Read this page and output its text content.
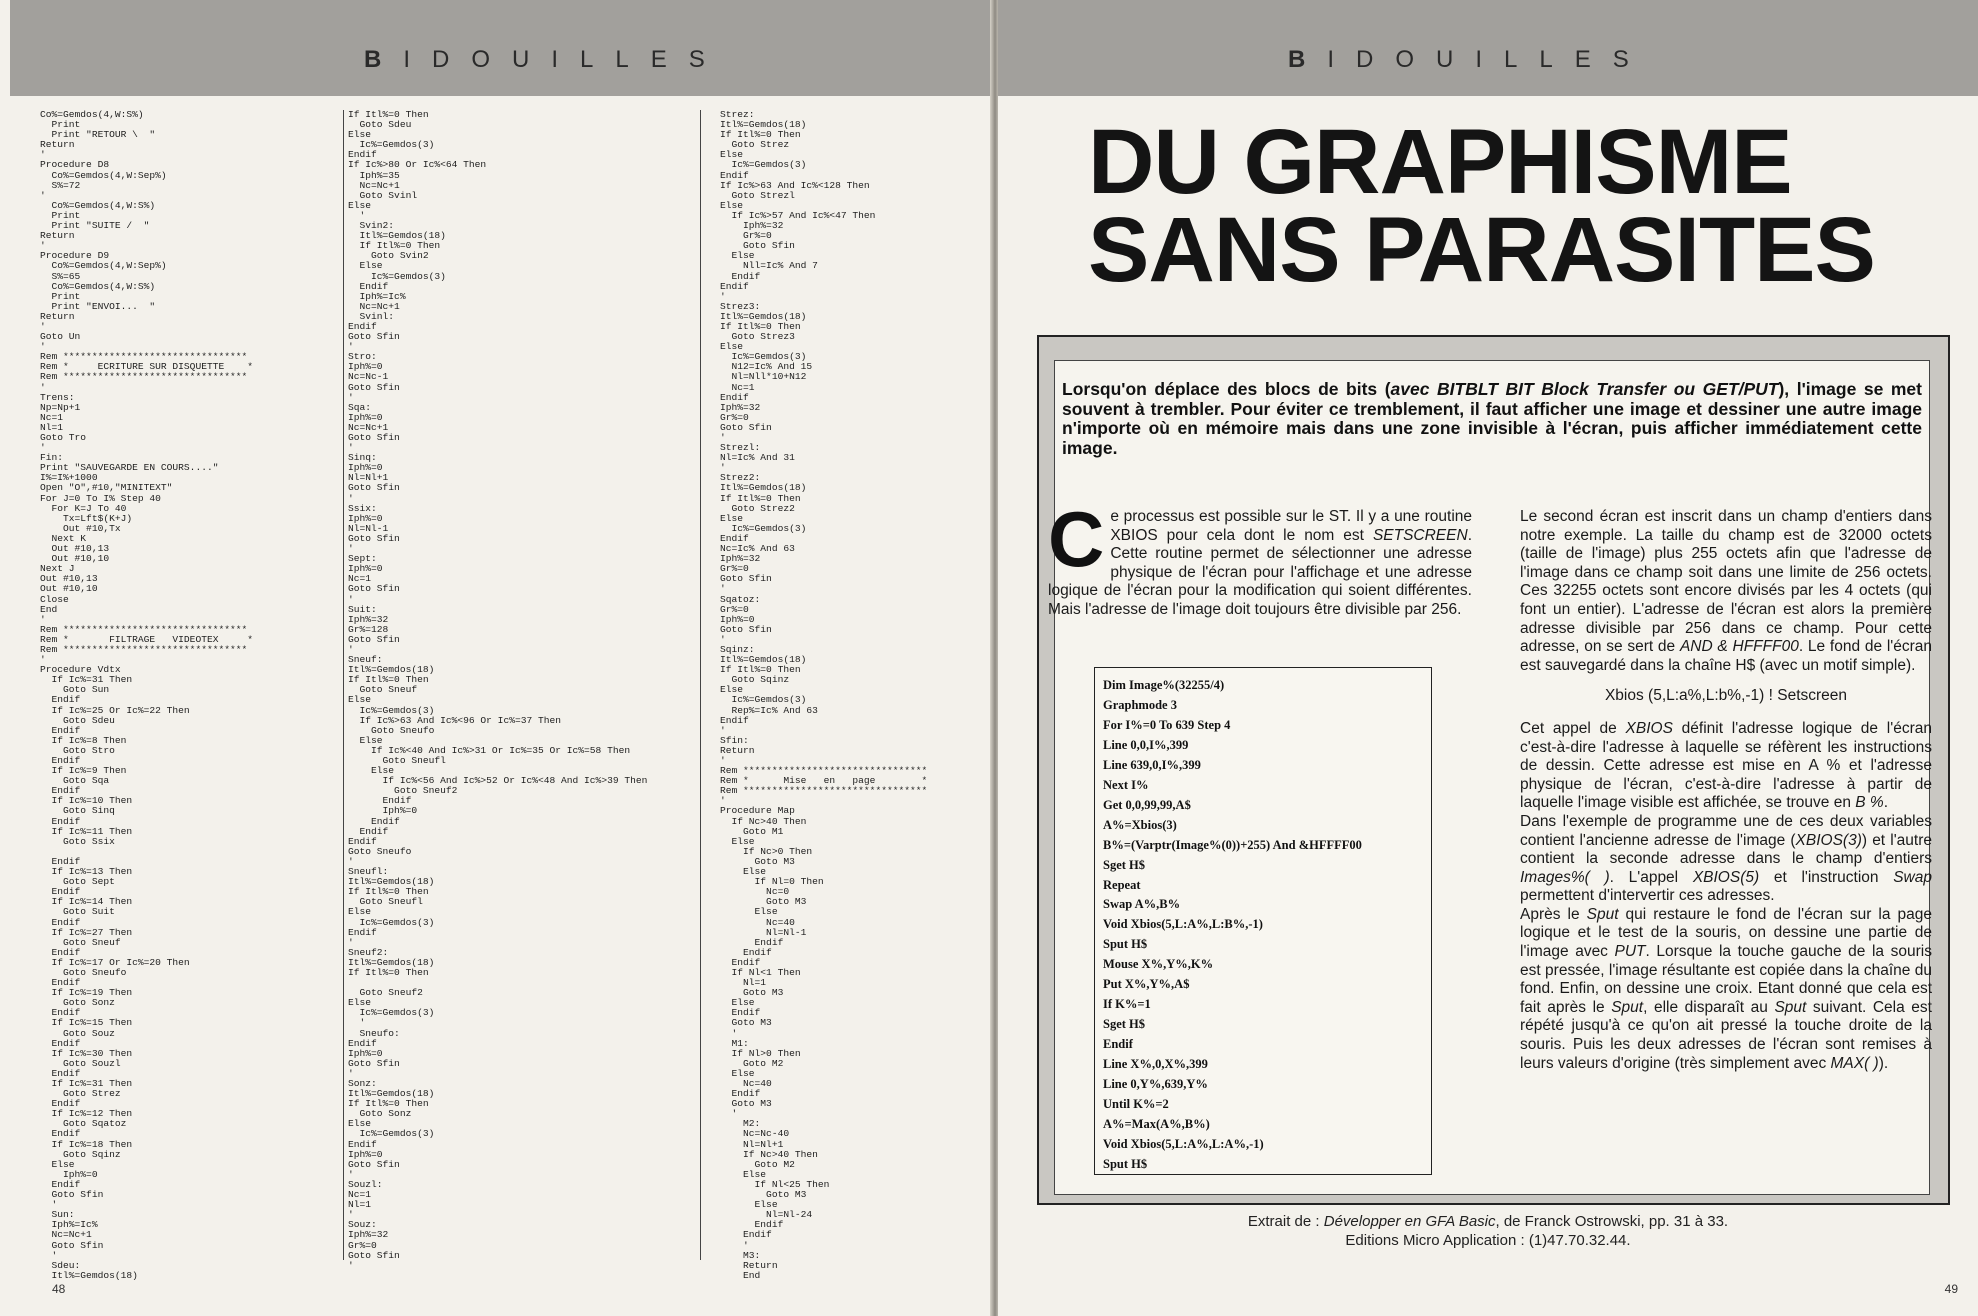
BIDOUILLES
Co%=Gemdos(4,W:S%)
Print
Print "RETOUR \  "
Return
'
Procedure D8
Co%=Gemdos(4,W:Sep%)
S%=72
'
Co%=Gemdos(4,W:S%)
Print
Print "SUITE /  "
Return
'
Procedure D9
Co%=Gemdos(4,W:Sep%)
S%=65
Co%=Gemdos(4,W:S%)
Print
Print "ENVOI...  "
Return
'
Goto Un
'
Rem ********************************
Rem *     ECRITURE SUR DISQUETTE    *
Rem ********************************
'
Trens:
Np=Np+1
Nc=1
Nl=1
Goto Tro
'
Fin:
Print "SAUVEGARDE EN COURS...."
I%=I%+1000
Open "O",#10,"MINITEXT"
For J=0 To I% Step 40
For K=J To 40
Tx=Lft$(K+J)
Out #10,Tx
Next K
Out #10,13
Out #10,10
Next J
Out #10,13
Out #10,10
Close
End
'
Rem ********************************
Rem *       FILTRAGE   VIDEOTEX     *
Rem ********************************
'
Procedure Vdtx
If Ic%=31 Then
Goto Sun
Endif
If Ic%=25 Or Ic%=22 Then
Goto Sdeu
Endif
If Ic%=8 Then
Goto Stro
Endif
If Ic%=9 Then
Goto Sqa
Endif
If Ic%=10 Then
Goto Sinq
Endif
If Ic%=11 Then
Goto Ssix

Endif
If Ic%=13 Then
Goto Sept
Endif
If Ic%=14 Then
Goto Suit
Endif
If Ic%=27 Then
Goto Sneuf
Endif
If Ic%=17 Or Ic%=20 Then
Goto Sneufo
Endif
If Ic%=19 Then
Goto Sonz
Endif
If Ic%=15 Then
Goto Souz
Endif
If Ic%=30 Then
Goto Souzl
Endif
If Ic%=31 Then
Goto Strez
Endif
If Ic%=12 Then
Goto Sqatoz
Endif
If Ic%=18 Then
Goto Sqinz
Else
Iph%=0
Endif
Goto Sfin
'
Sun:
Iph%=Ic%
Nc=Nc+1
Goto Sfin
'
Sdeu:
Itl%=Gemdos(18)
If Itl%=0 Then
Goto Sdeu
Else
Ic%=Gemdos(3)
Endif
If Ic%>80 Or Ic%<64 Then
Iph%=35
Nc=Nc+1
Goto Svinl
Else
'
Svin2:
Itl%=Gemdos(18)
If Itl%=0 Then
Goto Svin2
Else
Ic%=Gemdos(3)
Endif
Iph%=Ic%
Nc=Nc+1
Svinl:
Endif
Goto Sfin
'
Stro:
Iph%=0
Nc=Nc-1
Goto Sfin
'
Sqa:
Iph%=0
Nc=Nc+1
Goto Sfin
'
Sinq:
Iph%=0
Nl=Nl+1
Goto Sfin
'
Ssix:
Iph%=0
Nl=Nl-1
Goto Sfin
'
Sept:
Iph%=0
Nc=1
Goto Sfin
'
Suit:
Iph%=32
Gr%=128
Goto Sfin
'
Sneuf:
Itl%=Gemdos(18)
If Itl%=0 Then
Goto Sneuf
Else
Ic%=Gemdos(3)
If Ic%>63 And Ic%<96 Or Ic%=37 Then
Goto Sneufo
Else
If Ic%<40 And Ic%>31 Or Ic%=35 Or Ic%=58 Then
Goto Sneufl
Else
If Ic%<56 And Ic%>52 Or Ic%<48 And Ic%>39 Then
Goto Sneuf2
Endif
Iph%=0
Endif
Endif
Endif
Goto Sneufo
'
Sneufl:
Itl%=Gemdos(18)
If Itl%=0 Then
Goto Sneufl
Else
Ic%=Gemdos(3)
Endif
'
Sneuf2:
Itl%=Gemdos(18)
If Itl%=0 Then

Goto Sneuf2
Else
Ic%=Gemdos(3)
'
Sneufo:
Endif
Iph%=0
Goto Sfin
'
Sonz:
Itl%=Gemdos(18)
If Itl%=0 Then
Goto Sonz
Else
Ic%=Gemdos(3)
Endif
Iph%=0
Goto Sfin
'
Souzl:
Nc=1
Nl=1
'
Souz:
Iph%=32
Gr%=0
Goto Sfin
'
Strez:
Itl%=Gemdos(18)
If Itl%=0 Then
Goto Strez
Else
Ic%=Gemdos(3)
Endif
If Ic%>63 And Ic%<128 Then
Goto Strezl
Else
If Ic%>57 And Ic%<47 Then
Iph%=32
Gr%=0
Goto Sfin
Else
Nll=Ic% And 7
Endif
Endif
'
Strez3:
Itl%=Gemdos(18)
If Itl%=0 Then
Goto Strez3
Else
Ic%=Gemdos(3)
N12=Ic% And 15
Nl=Nll*10+N12
Nc=1
Endif
Iph%=32
Gr%=0
Goto Sfin
'
Strezl:
Nl=Ic% And 31
'
Strez2:
Itl%=Gemdos(18)
If Itl%=0 Then
Goto Strez2
Else
Ic%=Gemdos(3)
Endif
Nc=Ic% And 63
Iph%=32
Gr%=0
Goto Sfin
'
Sqatoz:
Gr%=0
Iph%=0
Goto Sfin
'
Sqinz:
Itl%=Gemdos(18)
If Itl%=0 Then
Goto Sqinz
Else
Ic%=Gemdos(3)
Rep%=Ic% And 63
Endif
'
Sfin:
Return
'
Rem ********************************
Rem *      Mise   en   page        *
Rem ********************************
'
Procedure Map
If Nc>40 Then
Goto M1
Else
If Nc>0 Then
Goto M3
Else
If Nl=0 Then
Nc=0
Goto M3
Else
Nc=40
Nl=Nl-1
Endif
Endif
Endif
If Nl<1 Then
Nl=1
Goto M3
Else
Endif
Goto M3
'
M1:
If Nl>0 Then
Goto M2
Else
Nc=40
Endif
Goto M3
'
M2:
Nc=Nc-40
Nl=Nl+1
If Nc>40 Then
Goto M2
Else
If Nl<25 Then
Goto M3
Else
Nl=Nl-24
Endif
Endif
'
M3:
Return
End
48
BIDOUILLES
DU GRAPHISME
SANS PARASITES
Lorsqu'on déplace des blocs de bits (avec BITBLT BIT Block Transfer ou GET/PUT), l'image se met souvent à trembler. Pour éviter ce tremblement, il faut afficher une image et dessiner une autre image n'importe où en mémoire mais dans une zone invisible à l'écran, puis afficher immédiatement cette image.
Ce processus est possible sur le ST. Il y a une routine XBIOS pour cela dont le nom est SETSCREEN. Cette routine permet de sélectionner une adresse physique de l'écran pour l'affichage et une adresse logique de l'écran pour la modification qui soient différentes. Mais l'adresse de l'image doit toujours être divisible par 256.
Dim Image%(32255/4)
Graphmode 3
For I%=0 To 639 Step 4
Line 0,0,I%,399
Line 639,0,I%,399
Next I%
Get 0,0,99,99,A$
A%=Xbios(3)
B%=(Varptr(Image%(0))+255) And &HFFFF00
Sget H$
Repeat
Swap A%,B%
Void Xbios(5,L:A%,L:B%,-1)
Sput H$
Mouse X%,Y%,K%
Put X%,Y%,A$
If K%=1
Sget H$
Endif
Line X%,0,X%,399
Line 0,Y%,639,Y%
Until K%=2
A%=Max(A%,B%)
Void Xbios(5,L:A%,L:A%,-1)
Sput H$

Le second écran est inscrit dans un champ d'entiers dans notre exemple. La taille du champ est de 32000 octets (taille de l'image) plus 255 octets afin que l'adresse de l'image dans ce champ soit dans une limite de 256 octets. Ces 32255 octets sont encore divisés par les 4 octets (qui font un entier). L'adresse de l'écran est alors la première adresse divisible par 256 dans ce champ. Pour cette adresse, on se sert de AND & HFFFF00. Le fond de l'écran est sauvegardé dans la chaîne H$ (avec un motif simple).

Xbios (5,L:a%,L:b%,-1) ! Setscreen

Cet appel de XBIOS définit l'adresse logique de l'écran c'est-à-dire l'adresse à laquelle se réfèrent les instructions de dessin. Cette adresse est mise en A % et l'adresse physique de l'écran, c'est-à-dire l'adresse à partir de laquelle l'image visible est affichée, se trouve en B %.

Dans l'exemple de programme une de ces deux variables contient l'ancienne adresse de l'image (XBIOS(3)) et l'autre contient la seconde adresse dans le champ d'entiers Images%( ). L'appel XBIOS(5) et l'instruction Swap permettent d'intervertir ces adresses.

Après le Sput qui restaure le fond de l'écran sur la page logique et le test de la souris, on dessine une partie de l'image avec PUT. Lorsque la touche gauche de la souris est pressée, l'image résultante est copiée dans la chaîne du fond. Enfin, on dessine une croix. Etant donné que cela est fait après le Sput, elle disparaît au Sput suivant. Cela est répété jusqu'à ce qu'on ait pressé la touche droite de la souris. Puis les deux adresses de l'écran sont remises à leurs valeurs d'origine (très simplement avec MAX( )).

Extrait de : Développer en GFA Basic, de Franck Ostrowski, pp. 31 à 33.
Editions Micro Application : (1)47.70.32.44.
49
